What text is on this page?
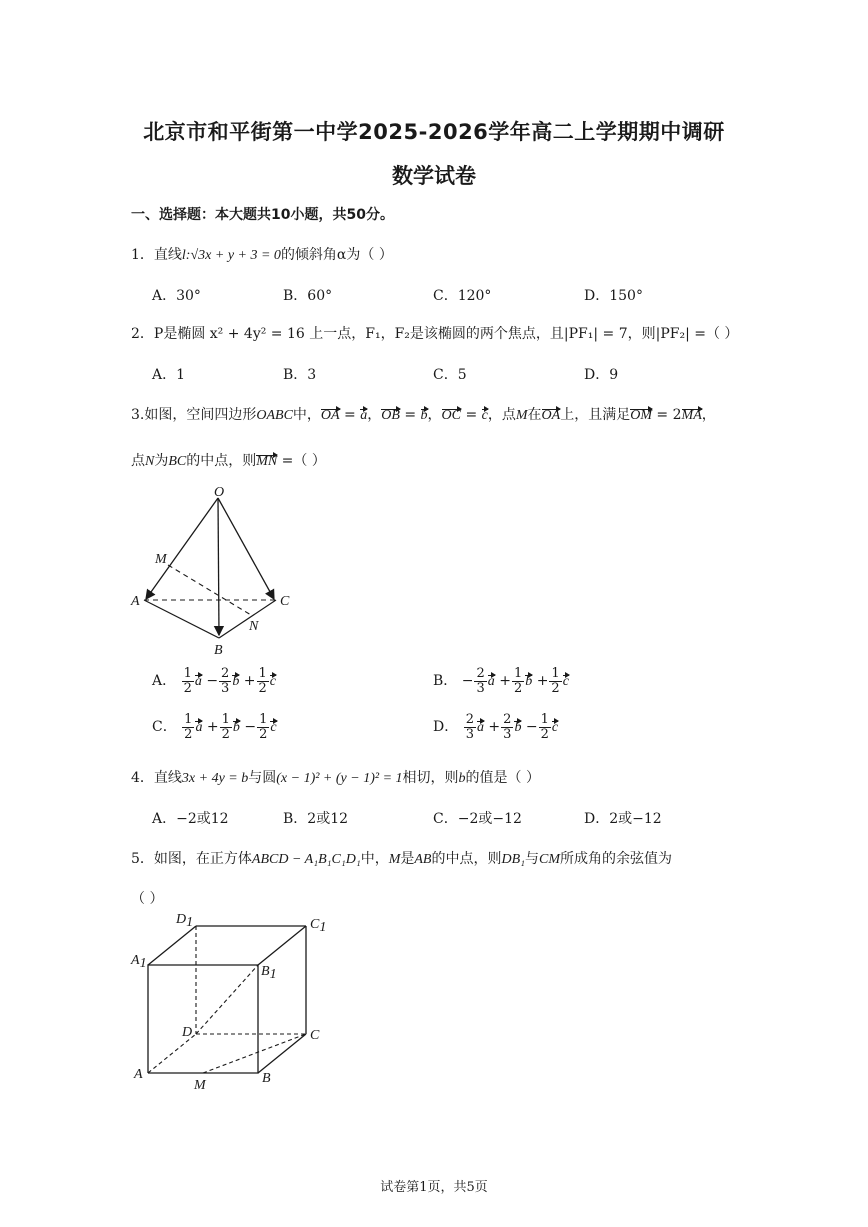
北京市和平街第一中学2025-2026学年高二上学期期中调研
数学试卷
一、选择题：本大题共10小题，共50分。
1．直线l:√3x + y + 3 = 0的倾斜角α为（ ）
A．30°	B．60°	C．120°	D．150°
2．P是椭圆 x² + 4y² = 16 上一点，F₁，F₂是该椭圆的两个焦点，且|PF₁| = 7，则|PF₂| =（ ）
A．1	B．3	C．5	D．9
3.如图，空间四边形OABC中，OA = a，OB = b，OC = c，点M在OA上，且满足OM = 2MA，
点N为BC的中点，则MN =（ ）
O
M
A	C
N
B
A． $\frac{1}{2}$ $a - \frac{2}{3}$ $b + \frac{1}{2}$ c	B． − $\frac{2}{3}$ $a + \frac{1}{2}$ $b + \frac{1}{2}$ c
C． $\frac{1}{2}$ $a + \frac{1}{2}$ $b - \frac{1}{2}$ c	D． $\frac{2}{3}$ $a + \frac{2}{3}$ $b - \frac{1}{2}$ c
4．直线3x + 4y = b与圆(x − 1)² + (y − 1)² = 1相切，则b的值是（ ）
A．−2或12	B．2或12	C．−2或−12	D．2或−12
5．如图，在正方体ABCD − A₁B₁C₁D₁中，M是AB的中点，则DB₁与CM所成角的余弦值为
（ ）
D1	C1
A1
B1
D	C
A
M	B
试卷第1页，共5页
